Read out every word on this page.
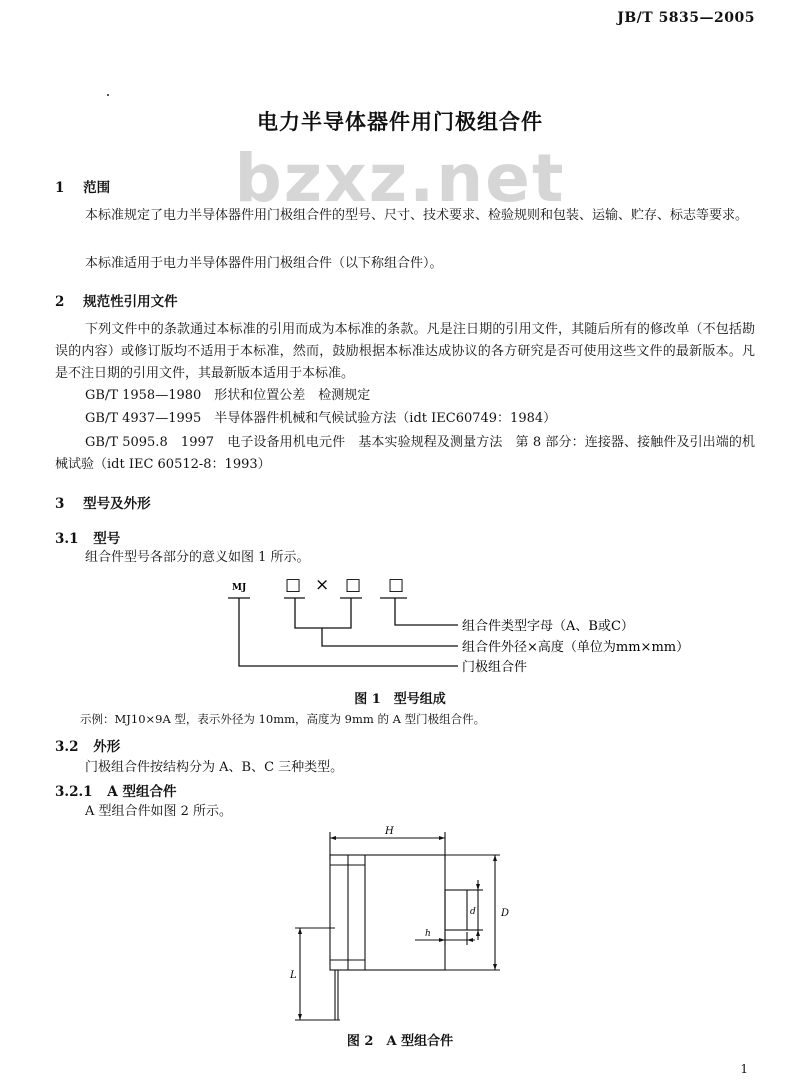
JB/T 5835—2005
电力半导体器件用门极组合件
bzxz.net
1 范围
本标准规定了电力半导体器件用门极组合件的型号、尺寸、技术要求、检验规则和包装、运输、贮存、标志等要求。
本标准适用于电力半导体器件用门极组合件（以下称组合件）。
2 规范性引用文件
下列文件中的条款通过本标准的引用而成为本标准的条款。凡是注日期的引用文件，其随后所有的修改单（不包括勘误的内容）或修订版均不适用于本标准，然而，鼓励根据本标准达成协议的各方研究是否可使用这些文件的最新版本。凡是不注日期的引用文件，其最新版本适用于本标准。
GB/T 1958—1980　形状和位置公差　检测规定
GB/T 4937—1995　半导体器件机械和气候试验方法（idt IEC60749：1984）
GB/T 5095.8　1997　电子设备用机电元件　基本实验规程及测量方法　第 8 部分：连接器、接触件及引出端的机械试验（idt IEC 60512-8：1993）
3 型号及外形
3.1 型号
组合件型号各部分的意义如图 1 所示。
MJ □ × □ □
组合件类型字母（A、B或C）
组合件外径×高度（单位为mm×mm）
门极组合件
图 1　型号组成
示例：MJ10×9A 型，表示外径为 10mm，高度为 9mm 的 A 型门极组合件。
3.2 外形
门极组合件按结构分为 A、B、C 三种类型。
3.2.1 A 型组合件
A 型组合件如图 2 所示。
H
D
d
h
L
图 2　A 型组合件
1
